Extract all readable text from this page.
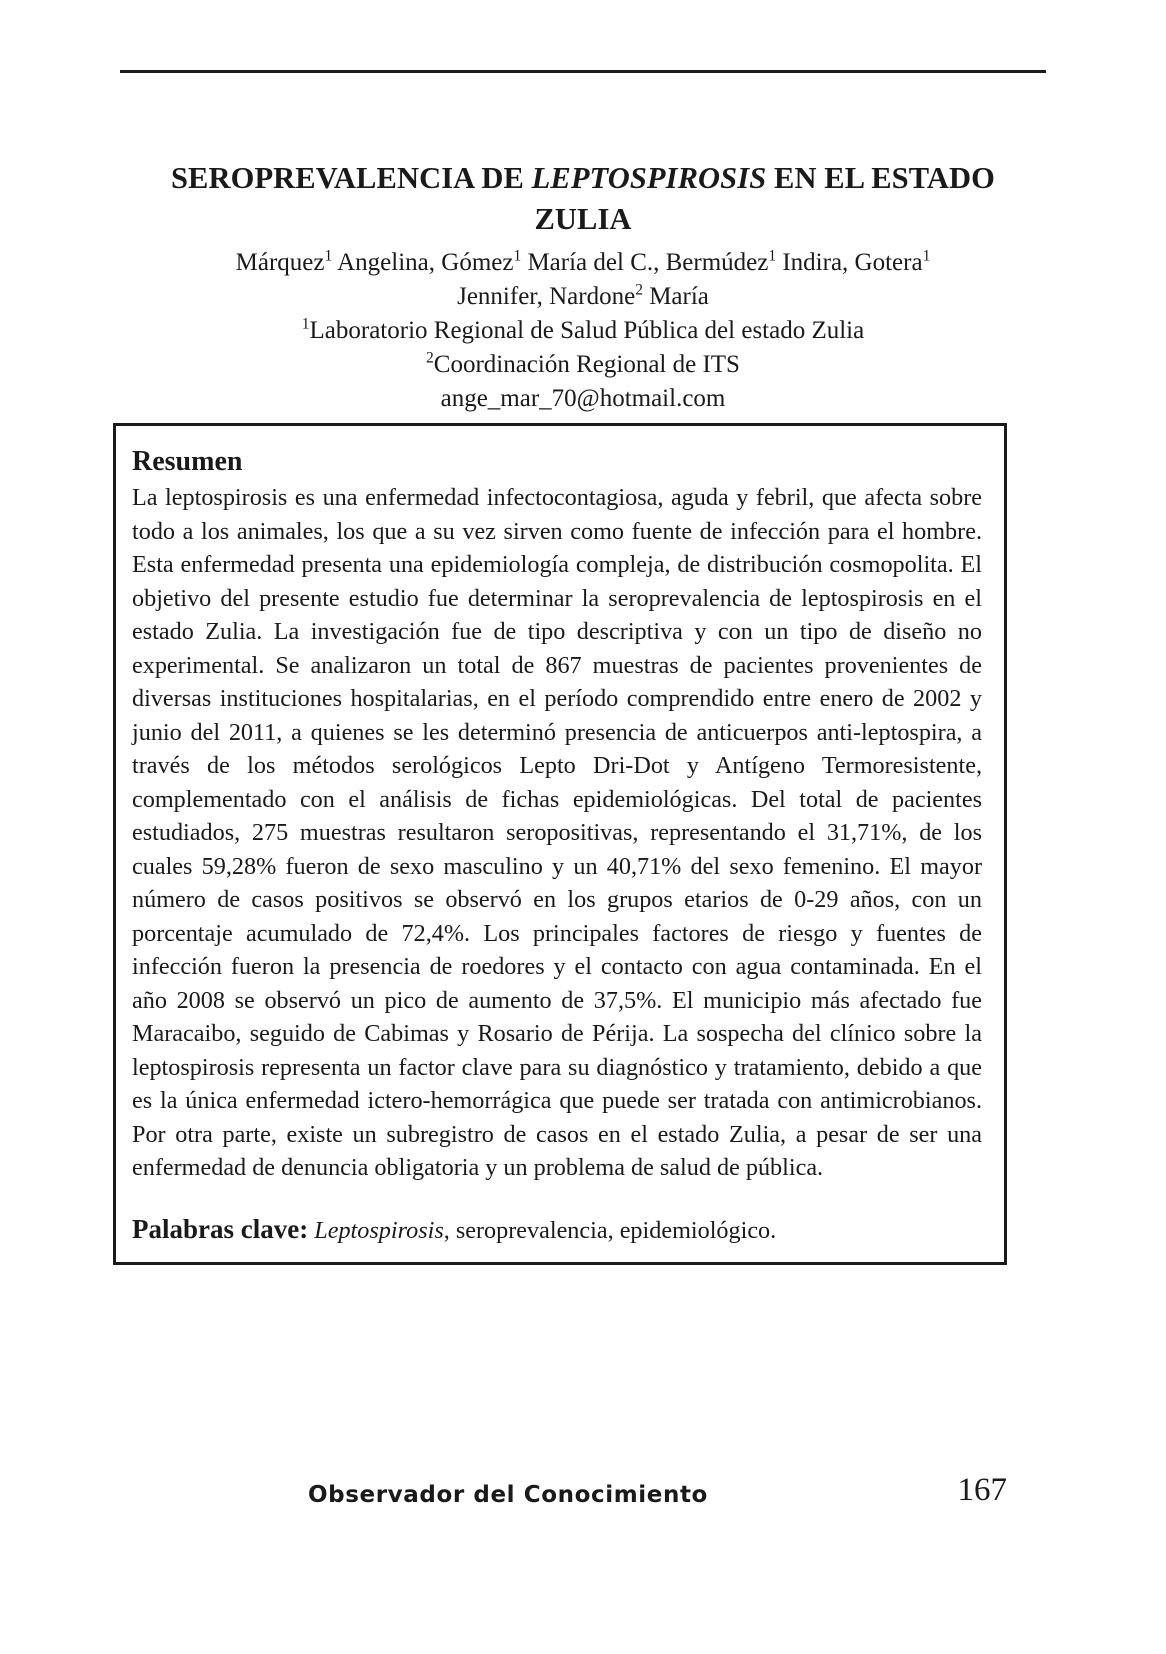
SEROPREVALENCIA DE LEPTOSPIROSIS EN EL ESTADO ZULIA
Márquez$^1$ Angelina, Gómez$^1$ María del C., Bermúdez$^1$ Indira, Gotera$^1$
Jennifer, Nardone$^2$ María
$^1$Laboratorio Regional de Salud Pública del estado Zulia
$^2$Coordinación Regional de ITS
ange_mar_70@hotmail.com
Resumen

La leptospirosis es una enfermedad infectocontagiosa, aguda y febril, que afecta sobre todo a los animales, los que a su vez sirven como fuente de infección para el hombre. Esta enfermedad presenta una epidemiología compleja, de distribución cosmopolita. El objetivo del presente estudio fue determinar la seroprevalencia de leptospirosis en el estado Zulia. La investigación fue de tipo descriptiva y con un tipo de diseño no experimental. Se analizaron un total de 867 muestras de pacientes provenientes de diversas instituciones hospitalarias, en el período comprendido entre enero de 2002 y junio del 2011, a quienes se les determinó presencia de anticuerpos anti-leptospira, a través de los métodos serológicos Lepto Dri-Dot y Antígeno Termoresistente, complementado con el análisis de fichas epidemiológicas. Del total de pacientes estudiados, 275 muestras resultaron seropositivas, representando el 31,71%, de los cuales 59,28% fueron de sexo masculino y un 40,71% del sexo femenino. El mayor número de casos positivos se observó en los grupos etarios de 0-29 años, con un porcentaje acumulado de 72,4%. Los principales factores de riesgo y fuentes de infección fueron la presencia de roedores y el contacto con agua contaminada. En el año 2008 se observó un pico de aumento de 37,5%. El municipio más afectado fue Maracaibo, seguido de Cabimas y Rosario de Périja. La sospecha del clínico sobre la leptospirosis representa un factor clave para su diagnóstico y tratamiento, debido a que es la única enfermedad ictero-hemorrágica que puede ser tratada con antimicrobianos. Por otra parte, existe un subregistro de casos en el estado Zulia, a pesar de ser una enfermedad de denuncia obligatoria y un problema de salud de pública.

Palabras clave: Leptospirosis, seroprevalencia, epidemiológico.

Observador del Conocimiento	167
